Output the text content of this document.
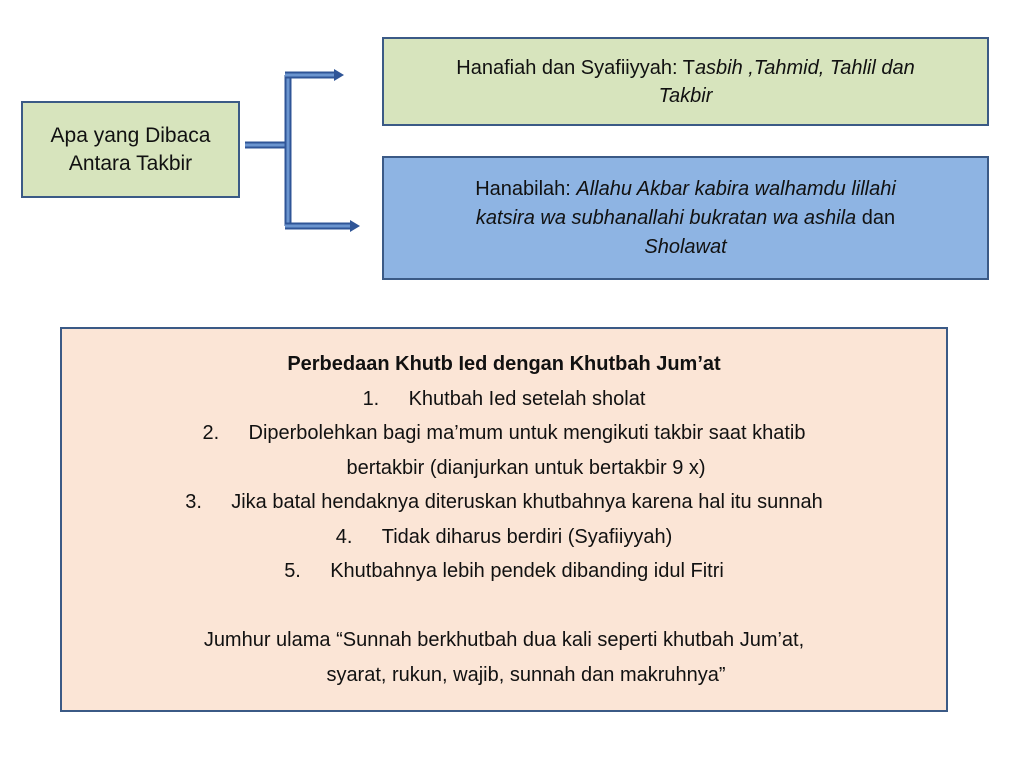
Apa yang Dibaca
Antara Takbir
Hanafiah dan Syafiiyyah: Tasbih ,Tahmid, Tahlil dan
Takbir
Hanabilah: Allahu Akbar kabira walhamdu lillahi
katsira wa subhanallahi bukratan wa ashila dan
Sholawat
Perbedaan Khutb Ied dengan Khutbah Jum’at
1. Khutbah Ied setelah sholat
2. Diperbolehkan bagi ma’mum untuk mengikuti takbir saat khatib
bertakbir (dianjurkan untuk bertakbir 9 x)
3. Jika batal hendaknya diteruskan khutbahnya karena hal itu sunnah
4. Tidak diharus berdiri (Syafiiyyah)
5. Khutbahnya lebih pendek dibanding idul Fitri
Jumhur ulama “Sunnah berkhutbah dua kali seperti khutbah Jum’at,
syarat, rukun, wajib, sunnah dan makruhnya”
